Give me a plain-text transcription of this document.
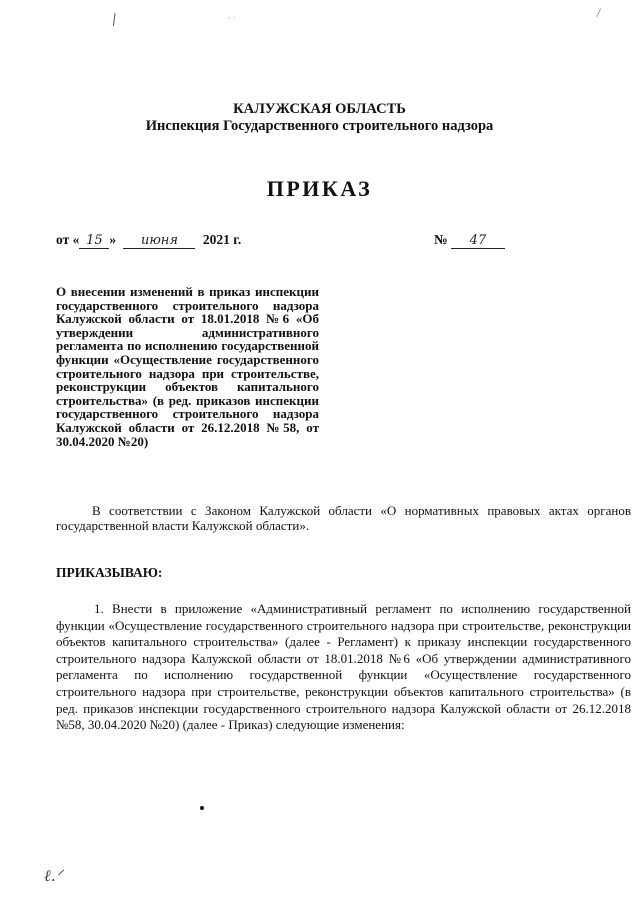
/	· ·	/
КАЛУЖСКАЯ ОБЛАСТЬ
Инспекция Государственного строительного надзора
ПРИКАЗ
от « 15 » июня 2021 г.	№ 47
О внесении изменений в приказ инспекции государственного строительного надзора Калужской области от 18.01.2018 №6 «Об утверждении административного регламента по исполнению государственной функции «Осуществление государственного строительного надзора при строительстве, реконструкции объектов капитального строительства» (в ред. приказов инспекции государственного строительного надзора Калужской области от 26.12.2018 №58, от 30.04.2020 №20)
В соответствии с Законом Калужской области «О нормативных правовых актах органов государственной власти Калужской области».
ПРИКАЗЫВАЮ:
1. Внести в приложение «Административный регламент по исполнению государственной функции «Осуществление государственного строительного надзора при строительстве, реконструкции объектов капитального строительства» (далее - Регламент) к приказу инспекции государственного строительного надзора Калужской области от 18.01.2018 №6 «Об утверждении административного регламента по исполнению государственной функции «Осуществление государственного строительного надзора при строительстве, реконструкции объектов капитального строительства» (в ред. приказов инспекции государственного строительного надзора Калужской области от 26.12.2018 №58, 30.04.2020 №20) (далее - Приказ) следующие изменения:
ℓ.ᐟ
